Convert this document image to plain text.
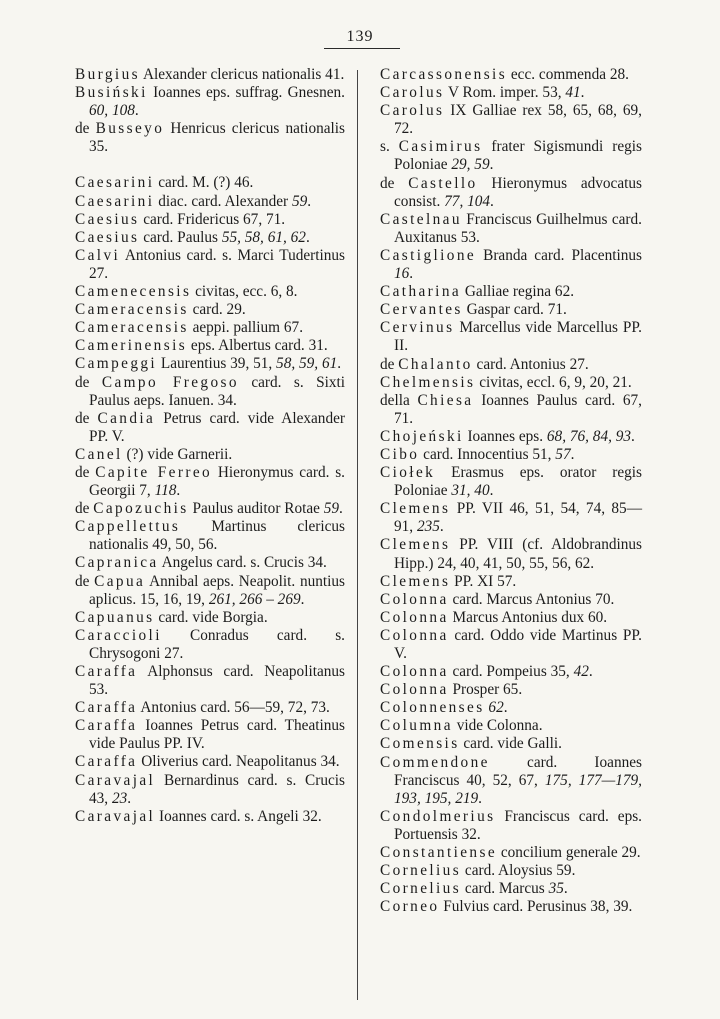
139
Burgius Alexander clericus nationalis 41.
Busiński Ioannes eps. suffrag. Gnesnen. 60, 108.
de Busseyo Henricus clericus nationalis 35.
Caesarini card. M. (?) 46.
Caesarini diac. card. Alexander 59.
Caesius card. Fridericus 67, 71.
Caesius card. Paulus 55, 58, 61, 62.
Calvi Antonius card. s. Marci Tudertinus 27.
Camenecensis civitas, ecc. 6, 8.
Cameracensis card. 29.
Cameracensis aeppi. pallium 67.
Camerinensis eps. Albertus card. 31.
Campeggi Laurentius 39, 51, 58, 59, 61.
de Campo Fregoso card. s. Sixti Paulus aeps. Ianuen. 34.
de Candia Petrus card. vide Alexander PP. V.
Canel (?) vide Garnerii.
de Capite Ferreo Hieronymus card. s. Georgii 7, 118.
de Capozuchis Paulus auditor Rotae 59.
Cappellettus Martinus clericus nationalis 49, 50, 56.
Capranica Angelus card. s. Crucis 34.
de Capua Annibal aeps. Neapolit. nuntius aplicus. 15, 16, 19, 261, 266 – 269.
Capuanus card. vide Borgia.
Caraccioli Conradus card. s. Chrysogoni 27.
Caraffa Alphonsus card. Neapolitanus 53.
Caraffa Antonius card. 56—59, 72, 73.
Caraffa Ioannes Petrus card. Theatinus vide Paulus PP. IV.
Caraffa Oliverius card. Neapolitanus 34.
Caravajal Bernardinus card. s. Crucis 43, 23.
Caravajal Ioannes card. s. Angeli 32.
Carcassonensis ecc. commenda 28.
Carolus V Rom. imper. 53, 41.
Carolus IX Galliae rex 58, 65, 68, 69, 72.
s. Casimirus frater Sigismundi regis Poloniae 29, 59.
de Castello Hieronymus advocatus consist. 77, 104.
Castelnau Franciscus Guilhelmus card. Auxitanus 53.
Castiglione Branda card. Placentinus 16.
Catharina Galliae regina 62.
Cervantes Gaspar card. 71.
Cervinus Marcellus vide Marcellus PP. II.
de Chalanto card. Antonius 27.
Chelmensis civitas, eccl. 6, 9, 20, 21.
della Chiesa Ioannes Paulus card. 67, 71.
Chojeński Ioannes eps. 68, 76, 84, 93.
Cibo card. Innocentius 51, 57.
Ciołek Erasmus eps. orator regis Poloniae 31, 40.
Clemens PP. VII 46, 51, 54, 74, 85—91, 235.
Clemens PP. VIII (cf. Aldobrandinus Hipp.) 24, 40, 41, 50, 55, 56, 62.
Clemens PP. XI 57.
Colonna card. Marcus Antonius 70.
Colonna Marcus Antonius dux 60.
Colonna card. Oddo vide Martinus PP. V.
Colonna card. Pompeius 35, 42.
Colonna Prosper 65.
Colonnenses 62.
Columna vide Colonna.
Comensis card. vide Galli.
Commendone card. Ioannes Franciscus 40, 52, 67, 175, 177—179, 193, 195, 219.
Condolmerius Franciscus card. eps. Portuensis 32.
Constantiense concilium generale 29.
Cornelius card. Aloysius 59.
Cornelius card. Marcus 35.
Corneo Fulvius card. Perusinus 38, 39.
